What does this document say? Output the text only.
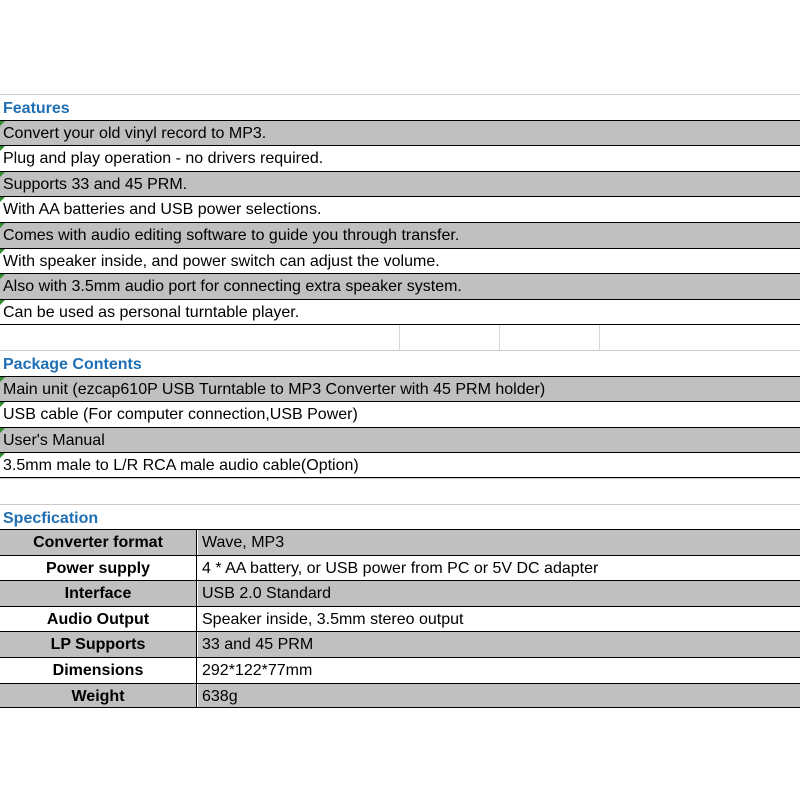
Features
Convert your old vinyl record to MP3.
Plug and play operation - no drivers required.
Supports 33 and 45 PRM.
With AA batteries and USB power selections.
Comes with audio editing software to guide you through transfer.
With speaker inside, and power switch can adjust the volume.
Also with 3.5mm audio port for connecting extra speaker system.
Can be used as personal turntable player.
Package Contents
Main unit (ezcap610P USB Turntable to MP3 Converter with 45 PRM holder)
USB cable (For computer connection,USB Power)
User's Manual
3.5mm male to L/R RCA male audio cable(Option)
Specfication
Converter format	Wave, MP3
Power supply	4 * AA battery, or USB power from PC or 5V DC adapter
Interface	USB 2.0 Standard
Audio Output	Speaker inside, 3.5mm stereo output
LP Supports	33 and 45 PRM
Dimensions	292*122*77mm
Weight	638g
